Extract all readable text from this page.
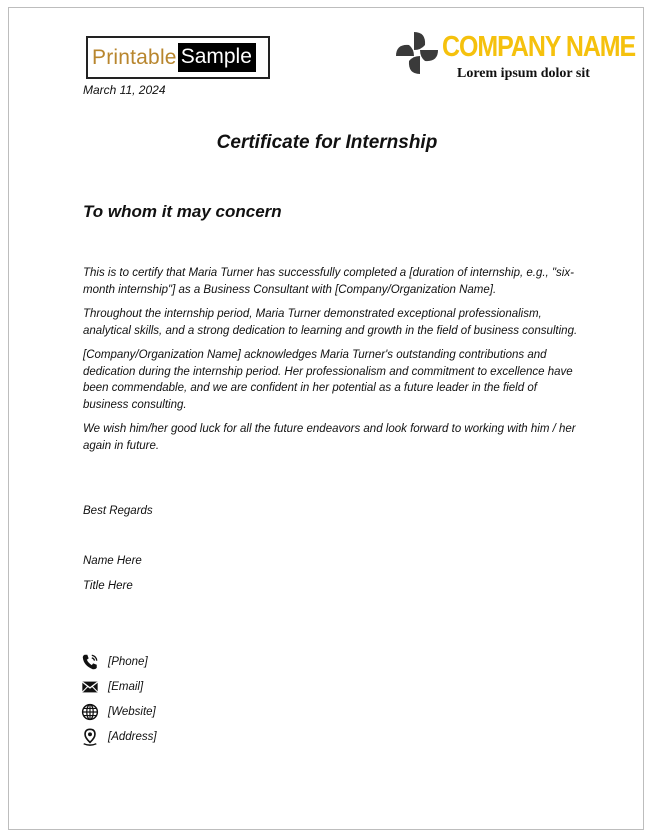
Printable Sample	COMPANY NAME
Lorem ipsum dolor sit
March 11, 2024
Certificate for Internship
To whom it may concern

This is to certify that Maria Turner has successfully completed a [duration of internship, e.g., "six-month internship"] as a Business Consultant with [Company/Organization Name].

Throughout the internship period, Maria Turner demonstrated exceptional professionalism, analytical skills, and a strong dedication to learning and growth in the field of business consulting.

[Company/Organization Name] acknowledges Maria Turner's outstanding contributions and dedication during the internship period. Her professionalism and commitment to excellence have been commendable, and we are confident in her potential as a future leader in the field of business consulting.

We wish him/her good luck for all the future endeavors and look forward to working with him / her again in future.

Best Regards
Name Here
Title Here
[Phone]
[Email]
[Website]
[Address]
